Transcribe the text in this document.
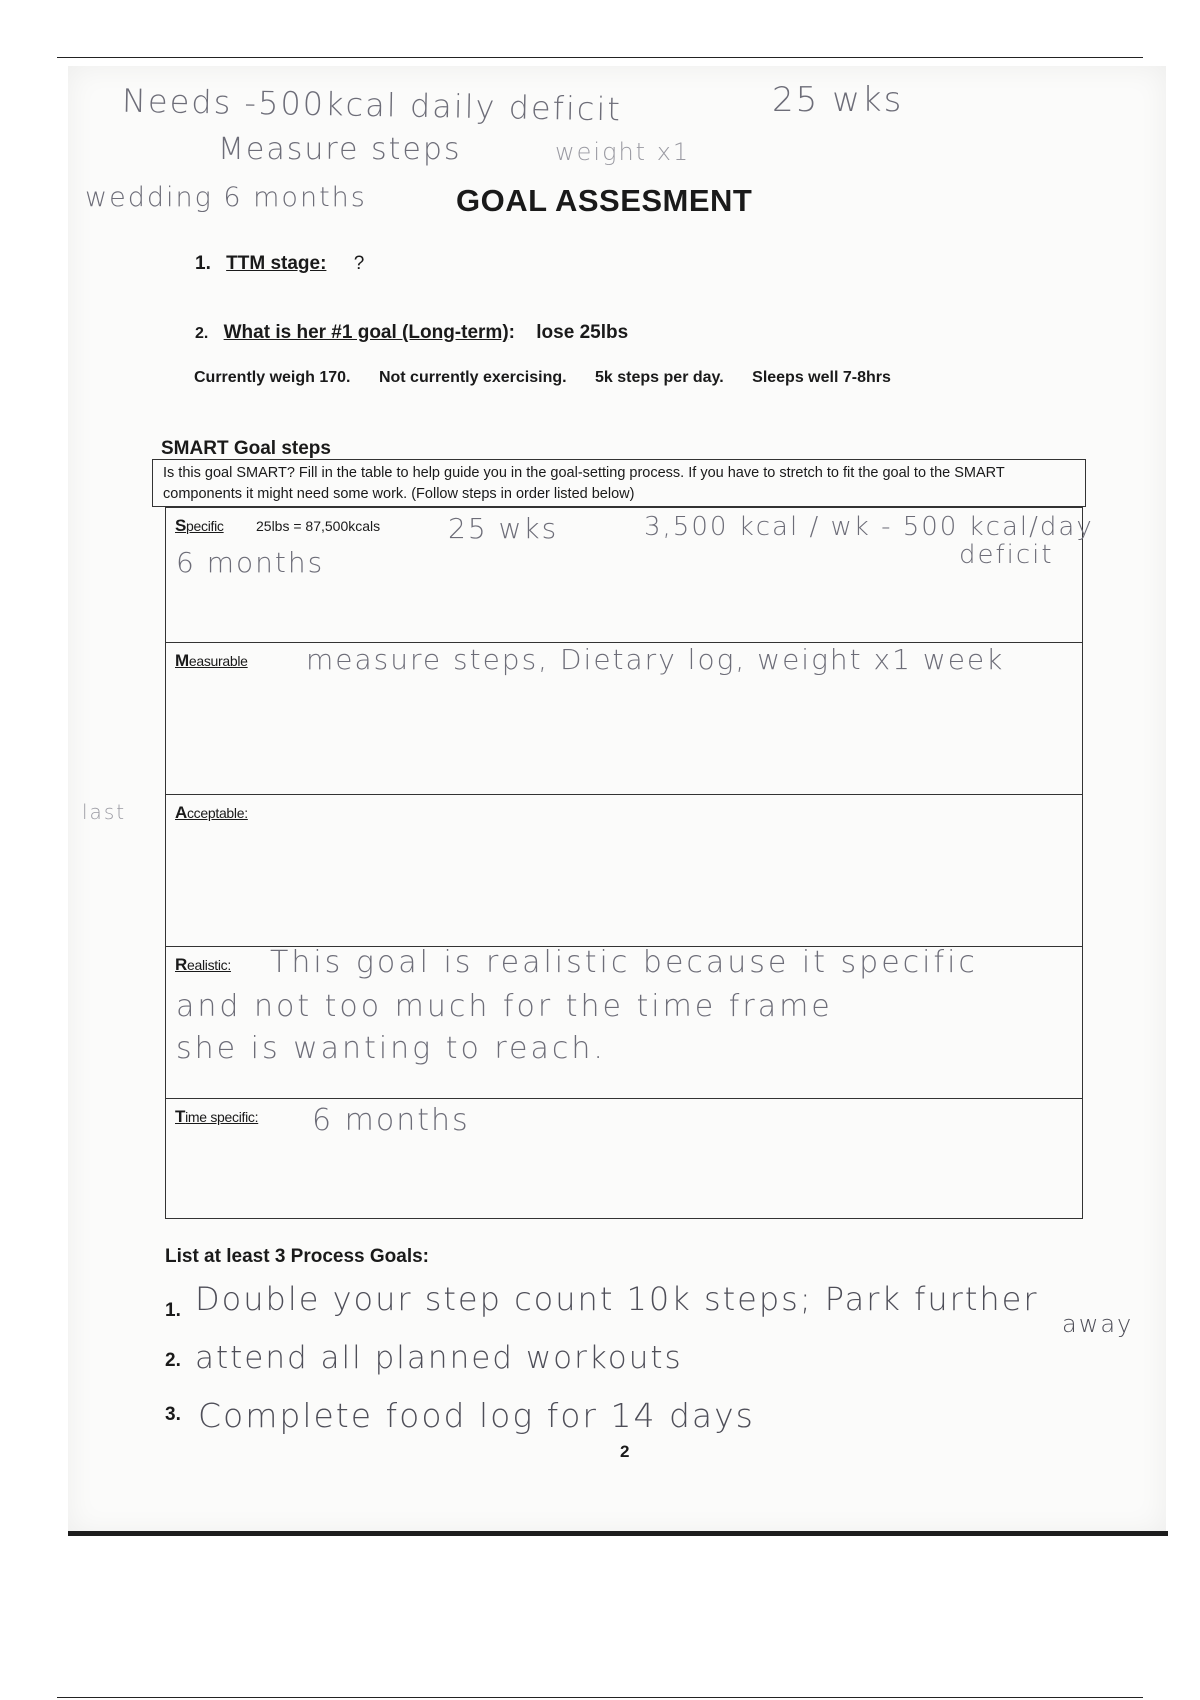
Needs -500kcal daily deficit	25 wks
Measure steps	weight x1
wedding 6 months
last
GOAL ASSESMENT
1. TTM stage: ?
2. What is her #1 goal (Long-term): lose 25lbs
Currently weigh 170. Not currently exercising. 5k steps per day. Sleeps well 7-8hrs
SMART Goal steps
Is this goal SMART? Fill in the table to help guide you in the goal-setting process. If you have to stretch to fit the goal to the SMART components it might need some work. (Follow steps in order listed below)
Specific 25lbs = 87,500kcals 25 wks	3,500 kcal / wk - 500 kcal/day
deficit
6 months
Measurable measure steps, Dietary log, weight x1 week
Acceptable:
Realistic: This goal is realistic because it specific
and not too much for the time frame
she is wanting to reach.
Time specific: 6 months
List at least 3 Process Goals:
1. Double your step count 10k steps; Park further
away
2. attend all planned workouts
3. Complete food log for 14 days
2
